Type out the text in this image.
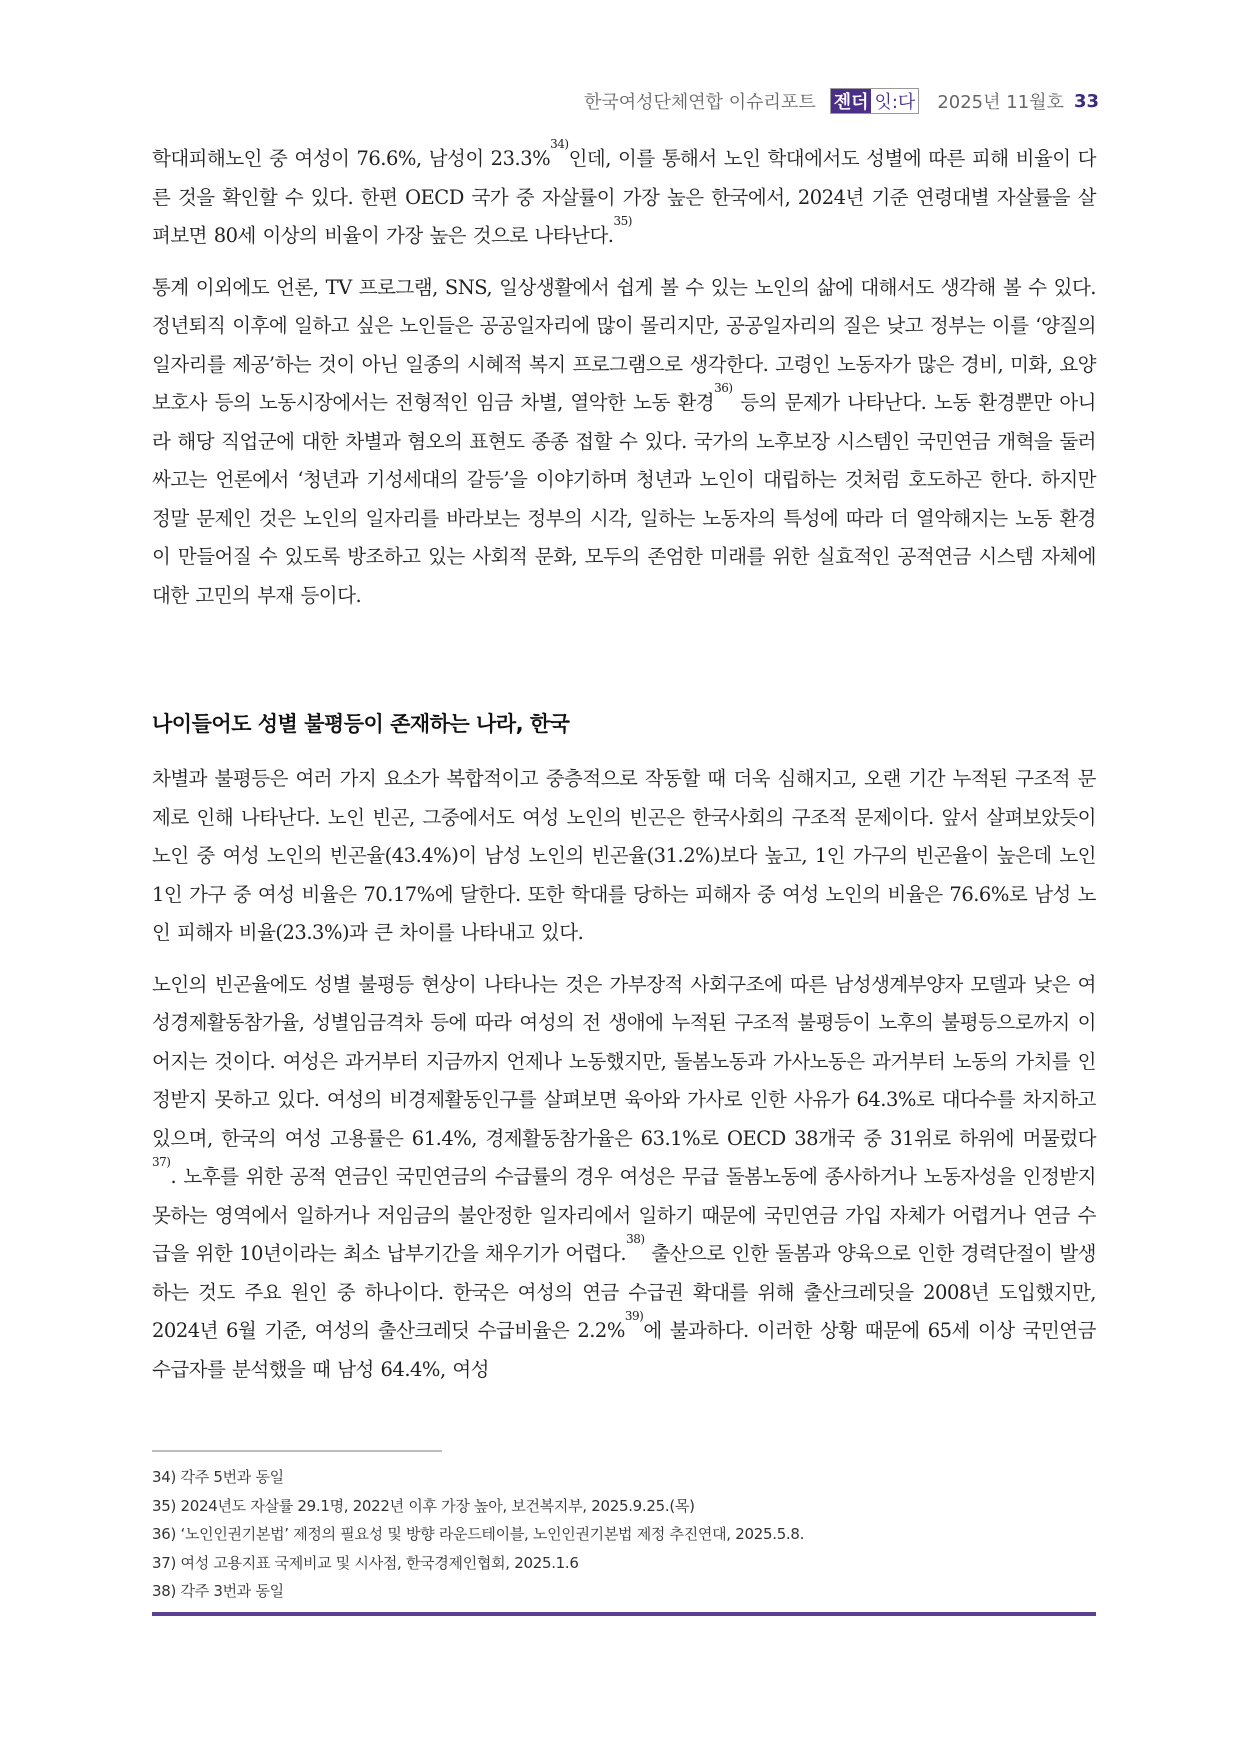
한국여성단체연합 이슈리포트 젠더 잇:다 2025년 11월호 33

학대피해노인 중 여성이 76.6%, 남성이 23.3%$^{34)}$인데, 이를 통해서 노인 학대에서도 성별에 따른 피해 비율이 다른 것을 확인할 수 있다. 한편 OECD 국가 중 자살률이 가장 높은 한국에서, 2024년 기준 연령대별 자살률을 살펴보면 80세 이상의 비율이 가장 높은 것으로 나타난다.$^{35)}$

통계 이외에도 언론, TV 프로그램, SNS, 일상생활에서 쉽게 볼 수 있는 노인의 삶에 대해서도 생각해 볼 수 있다. 정년퇴직 이후에 일하고 싶은 노인들은 공공일자리에 많이 몰리지만, 공공일자리의 질은 낮고 정부는 이를 ‘양질의 일자리를 제공’하는 것이 아닌 일종의 시혜적 복지 프로그램으로 생각한다. 고령인 노동자가 많은 경비, 미화, 요양보호사 등의 노동시장에서는 전형적인 임금 차별, 열악한 노동 환경$^{36)}$ 등의 문제가 나타난다. 노동 환경뿐만 아니라 해당 직업군에 대한 차별과 혐오의 표현도 종종 접할 수 있다. 국가의 노후보장 시스템인 국민연금 개혁을 둘러싸고는 언론에서 ‘청년과 기성세대의 갈등’을 이야기하며 청년과 노인이 대립하는 것처럼 호도하곤 한다. 하지만 정말 문제인 것은 노인의 일자리를 바라보는 정부의 시각, 일하는 노동자의 특성에 따라 더 열악해지는 노동 환경이 만들어질 수 있도록 방조하고 있는 사회적 문화, 모두의 존엄한 미래를 위한 실효적인 공적연금 시스템 자체에 대한 고민의 부재 등이다.

나이들어도 성별 불평등이 존재하는 나라, 한국

차별과 불평등은 여러 가지 요소가 복합적이고 중층적으로 작동할 때 더욱 심해지고, 오랜 기간 누적된 구조적 문제로 인해 나타난다. 노인 빈곤, 그중에서도 여성 노인의 빈곤은 한국사회의 구조적 문제이다. 앞서 살펴보았듯이 노인 중 여성 노인의 빈곤율(43.4%)이 남성 노인의 빈곤율(31.2%)보다 높고, 1인 가구의 빈곤율이 높은데 노인 1인 가구 중 여성 비율은 70.17%에 달한다. 또한 학대를 당하는 피해자 중 여성 노인의 비율은 76.6%로 남성 노인 피해자 비율(23.3%)과 큰 차이를 나타내고 있다.

노인의 빈곤율에도 성별 불평등 현상이 나타나는 것은 가부장적 사회구조에 따른 남성생계부양자 모델과 낮은 여성경제활동참가율, 성별임금격차 등에 따라 여성의 전 생애에 누적된 구조적 불평등이 노후의 불평등으로까지 이어지는 것이다. 여성은 과거부터 지금까지 언제나 노동했지만, 돌봄노동과 가사노동은 과거부터 노동의 가치를 인정받지 못하고 있다. 여성의 비경제활동인구를 살펴보면 육아와 가사로 인한 사유가 64.3%로 대다수를 차지하고 있으며, 한국의 여성 고용률은 61.4%, 경제활동참가율은 63.1%로 OECD 38개국 중 31위로 하위에 머물렀다$^{37)}$. 노후를 위한 공적 연금인 국민연금의 수급률의 경우 여성은 무급 돌봄노동에 종사하거나 노동자성을 인정받지 못하는 영역에서 일하거나 저임금의 불안정한 일자리에서 일하기 때문에 국민연금 가입 자체가 어렵거나 연금 수급을 위한 10년이라는 최소 납부기간을 채우기가 어렵다.$^{38)}$ 출산으로 인한 돌봄과 양육으로 인한 경력단절이 발생하는 것도 주요 원인 중 하나이다. 한국은 여성의 연금 수급권 확대를 위해 출산크레딧을 2008년 도입했지만, 2024년 6월 기준, 여성의 출산크레딧 수급비율은 2.2%$^{39)}$에 불과하다. 이러한 상황 때문에 65세 이상 국민연금 수급자를 분석했을 때 남성 64.4%, 여성

34) 각주 5번과 동일
35) 2024년도 자살률 29.1명, 2022년 이후 가장 높아, 보건복지부, 2025.9.25.(목)
36) ‘노인인권기본법’ 제정의 필요성 및 방향 라운드테이블, 노인인권기본법 제정 추진연대, 2025.5.8.
37) 여성 고용지표 국제비교 및 시사점, 한국경제인협회, 2025.1.6
38) 각주 3번과 동일
